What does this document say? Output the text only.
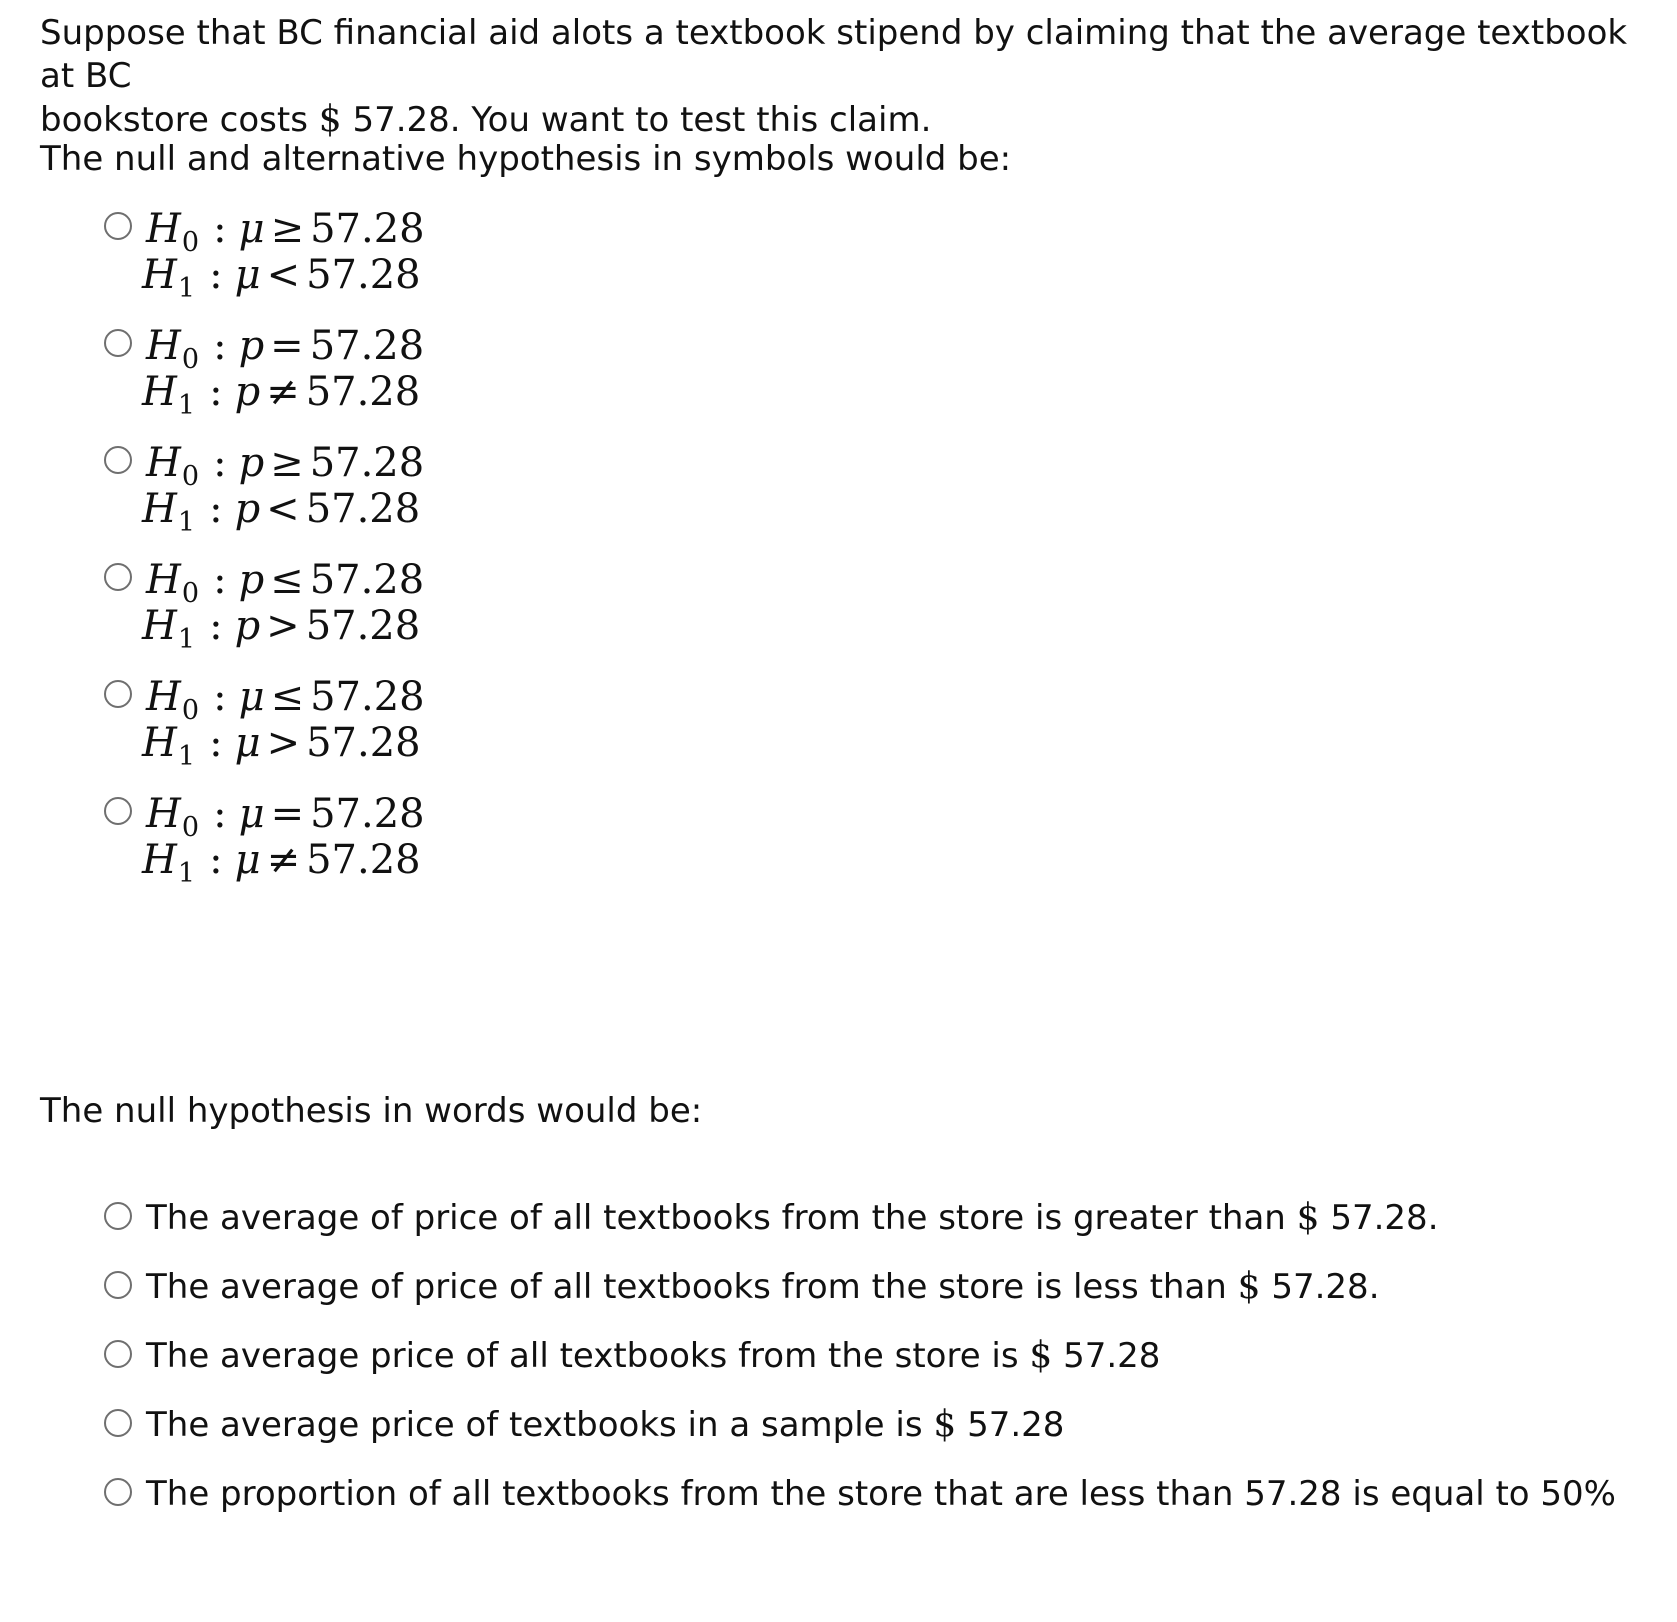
Suppose that BC financial aid alots a textbook stipend by claiming that the average textbook at BC
bookstore costs $ 57.28. You want to test this claim.

The null and alternative hypothesis in symbols would be:

$H_0$ : μ ≥ 57.28
$H_1$ : μ < 57.28
$H_0$ : p = 57.28
$H_1$ : p ≠ 57.28
$H_0$ : p ≥ 57.28
$H_1$ : p < 57.28
$H_0$ : p ≤ 57.28
$H_1$ : p > 57.28
$H_0$ : μ ≤ 57.28
$H_1$ : μ > 57.28
$H_0$ : μ = 57.28
$H_1$ : μ ≠ 57.28

The null hypothesis in words would be:

The average of price of all textbooks from the store is greater than $ 57.28.
The average of price of all textbooks from the store is less than $ 57.28.
The average price of all textbooks from the store is $ 57.28
The average price of textbooks in a sample is $ 57.28
The proportion of all textbooks from the store that are less than 57.28 is equal to 50%
